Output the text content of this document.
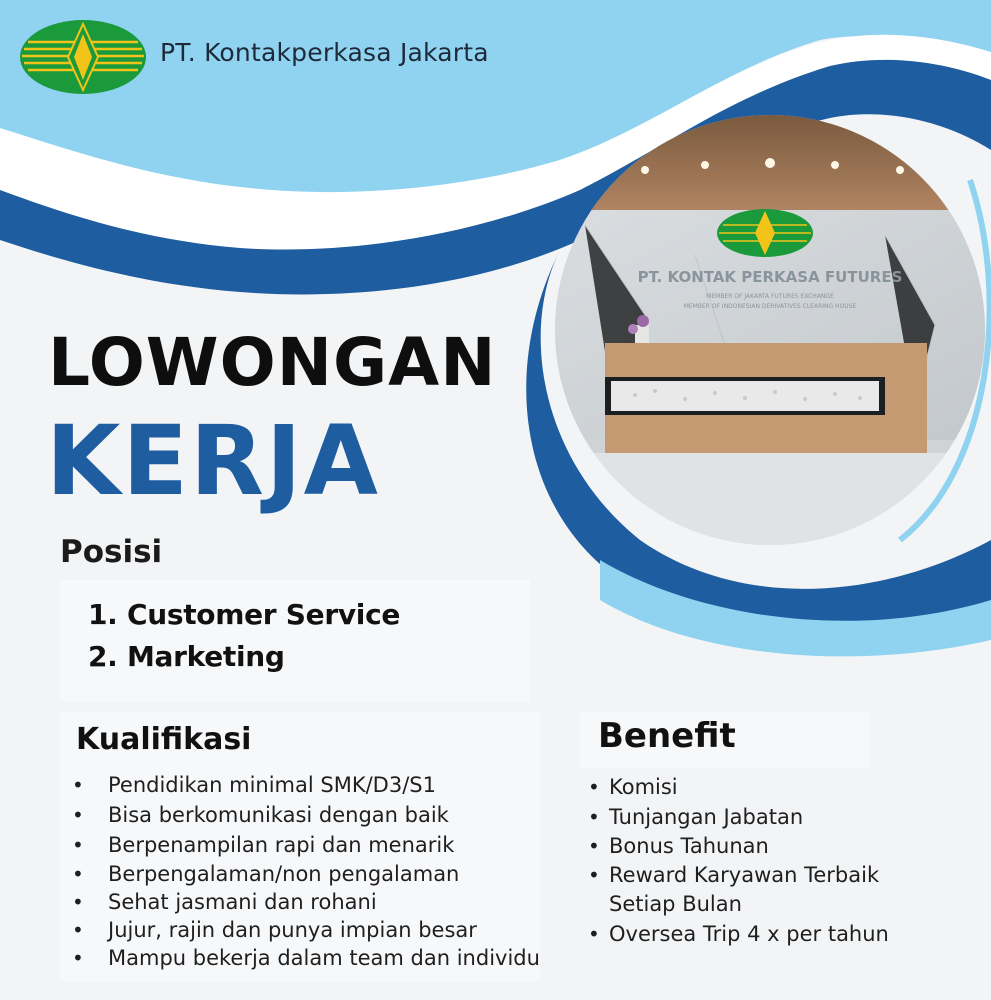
PT. Kontakperkasa Jakarta
PT. KONTAK PERKASA FUTURES
MEMBER OF JAKARTA FUTURES EXCHANGE
MEMBER OF INDONESIAN DERIVATIVES CLEARING HOUSE
LOWONGAN
KERJA
Posisi
1. Customer Service
2. Marketing
Kualifikasi
• Pendidikan minimal SMK/D3/S1
• Bisa berkomunikasi dengan baik
• Berpenampilan rapi dan menarik
• Berpengalaman/non pengalaman
• Sehat jasmani dan rohani
• Jujur, rajin dan punya impian besar
• Mampu bekerja dalam team dan individu
Benefit
• Komisi
• Tunjangan Jabatan
• Bonus Tahunan
• Reward Karyawan Terbaik
Setiap Bulan
• Oversea Trip 4 x per tahun
